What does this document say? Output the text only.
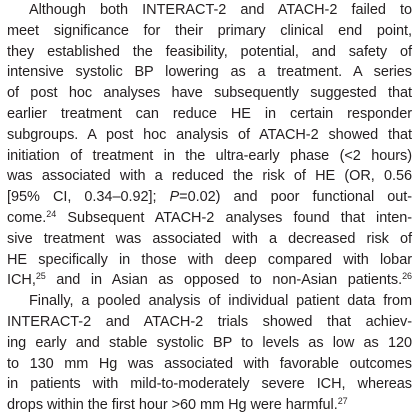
Although both INTERACT-2 and ATACH-2 failed to
meet significance for their primary clinical end point,
they established the feasibility, potential, and safety of
intensive systolic BP lowering as a treatment. A series
of post hoc analyses have subsequently suggested that
earlier treatment can reduce HE in certain responder
subgroups. A post hoc analysis of ATACH-2 showed that
initiation of treatment in the ultra-early phase (<2 hours)
was associated with a reduced the risk of HE (OR, 0.56
[95% CI, 0.34–0.92]; P=0.02) and poor functional out-
come.$^{24}$ Subsequent ATACH-2 analyses found that inten-
sive treatment was associated with a decreased risk of
HE specifically in those with deep compared with lobar
ICH,$^{25}$ and in Asian as opposed to non-Asian patients.$^{26}$
Finally, a pooled analysis of individual patient data from
INTERACT-2 and ATACH-2 trials showed that achiev-
ing early and stable systolic BP to levels as low as 120
to 130 mm Hg was associated with favorable outcomes
in patients with mild-to-moderately severe ICH, whereas
drops within the first hour >60 mm Hg were harmful.$^{27}$
